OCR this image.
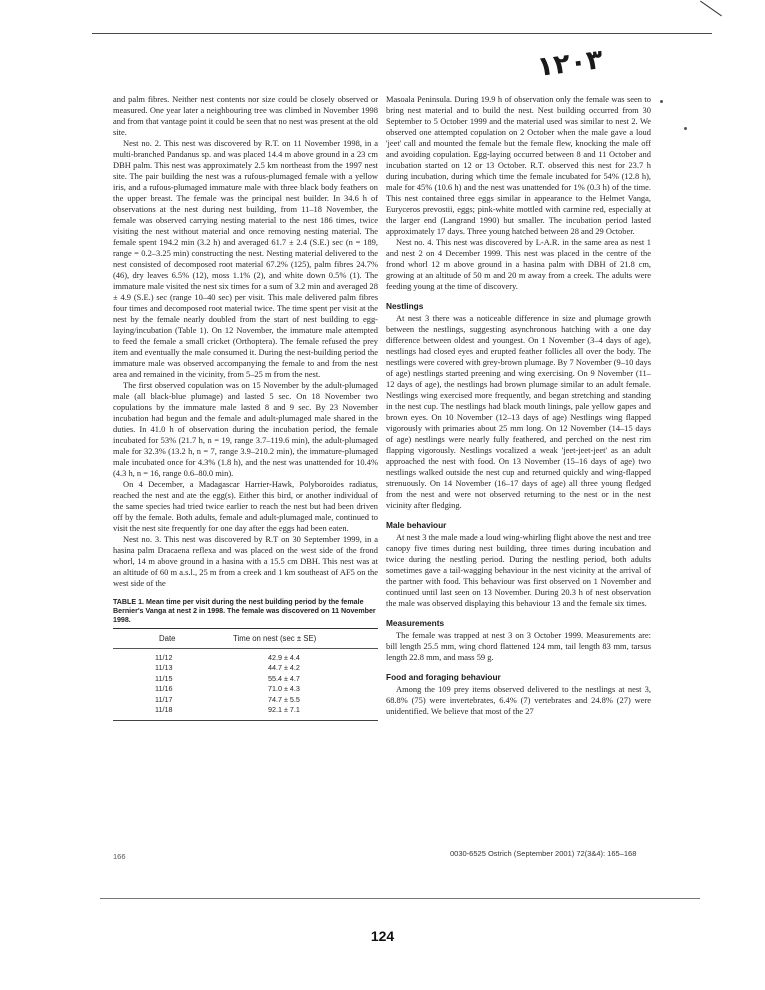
۱۲۰۳

and palm fibres. Neither nest contents nor size could be closely observed or measured. One year later a neighbouring tree was climbed in November 1998 and from that vantage point it could be seen that no nest was present at the old site.

Nest no. 2. This nest was discovered by R.T. on 11 November 1998, in a multi-branched Pandanus sp. and was placed 14.4 m above ground in a 23 cm DBH palm. This nest was approximately 2.5 km northeast from the 1997 nest site. The pair building the nest was a rufous-plumaged female with a yellow iris, and a rufous-plumaged immature male with three black body feathers on the upper breast. The female was the principal nest builder. In 34.6 h of observations at the nest during nest building, from 11–18 November, the female was observed carrying nesting material to the nest 186 times, twice visiting the nest without material and once removing nesting material. The female spent 194.2 min (3.2 h) and averaged 61.7 ± 2.4 (S.E.) sec (n = 189, range = 0.2–3.25 min) constructing the nest. Nesting material delivered to the nest consisted of decomposed root material 67.2% (125), palm fibres 24.7% (46), dry leaves 6.5% (12), moss 1.1% (2), and white down 0.5% (1). The immature male visited the nest six times for a sum of 3.2 min and averaged 28 ± 4.9 (S.E.) sec (range 10–40 sec) per visit. This male delivered palm fibres four times and decomposed root material twice. The time spent per visit at the nest by the female nearly doubled from the start of nest building to egg-laying/incubation (Table 1). On 12 November, the immature male attempted to feed the female a small cricket (Orthoptera). The female refused the prey item and eventually the male consumed it. During the nest-building period the immature male was observed accompanying the female to and from the nest area and remained in the vicinity, from 5–25 m from the nest.

The first observed copulation was on 15 November by the adult-plumaged male (all black-blue plumage) and lasted 5 sec. On 18 November two copulations by the immature male lasted 8 and 9 sec. By 23 November incubation had begun and the female and adult-plumaged male shared in the duties. In 41.0 h of observation during the incubation period, the female incubated for 53% (21.7 h, n = 19, range 3.7–119.6 min), the adult-plumaged male for 32.3% (13.2 h, n = 7, range 3.9–210.2 min), the immature-plumaged male incubated once for 4.3% (1.8 h), and the nest was unattended for 10.4% (4.3 h, n = 16, range 0.6–80.0 min).

On 4 December, a Madagascar Harrier-Hawk, Polyboroides radiatus, reached the nest and ate the egg(s). Either this bird, or another individual of the same species had tried twice earlier to reach the nest but had been driven off by the female. Both adults, female and adult-plumaged male, continued to visit the nest site frequently for one day after the eggs had been eaten.

Nest no. 3. This nest was discovered by R.T on 30 September 1999, in a hasina palm Dracaena reflexa and was placed on the west side of the frond whorl, 14 m above ground in a hasina with a 15.5 cm DBH. This nest was at an altitude of 60 m a.s.l., 25 m from a creek and 1 km southeast of AF5 on the west side of the

TABLE 1. Mean time per visit during the nest building period by the female Bernier's Vanga at nest 2 in 1998. The female was discovered on 11 November 1998.
Date	Time on nest (sec ± SE)
11/12	42.9 ± 4.4
11/13	44.7 ± 4.2
11/15	55.4 ± 4.7
11/16	71.0 ± 4.3
11/17	74.7 ± 5.5
11/18	92.1 ± 7.1

Masoala Peninsula. During 19.9 h of observation only the female was seen to bring nest material and to build the nest. Nest building occurred from 30 September to 5 October 1999 and the material used was similar to nest 2. We observed one attempted copulation on 2 October when the male gave a loud 'jeet' call and mounted the female but the female flew, knocking the male off and avoiding copulation. Egg-laying occurred between 8 and 11 October and incubation started on 12 or 13 October. R.T. observed this nest for 23.7 h during incubation, during which time the female incubated for 54% (12.8 h), male for 45% (10.6 h) and the nest was unattended for 1% (0.3 h) of the time. This nest contained three eggs similar in appearance to the Helmet Vanga, Euryceros prevostii, eggs; pink-white mottled with carmine red, especially at the larger end (Langrand 1990) but smaller. The incubation period lasted approximately 17 days. Three young hatched between 28 and 29 October.

Nest no. 4. This nest was discovered by L-A.R. in the same area as nest 1 and nest 2 on 4 December 1999. This nest was placed in the centre of the frond whorl 12 m above ground in a hasina palm with DBH of 21.8 cm, growing at an altitude of 50 m and 20 m away from a creek. The adults were feeding young at the time of discovery.

Nestlings

At nest 3 there was a noticeable difference in size and plumage growth between the nestlings, suggesting asynchronous hatching with a one day difference between oldest and youngest. On 1 November (3–4 days of age), nestlings had closed eyes and erupted feather follicles all over the body. The nestlings were covered with grey-brown plumage. By 7 November (9–10 days of age) nestlings started preening and wing exercising. On 9 November (11–12 days of age), the nestlings had brown plumage similar to an adult female. Nestlings wing exercised more frequently, and began stretching and standing in the nest cup. The nestlings had black mouth linings, pale yellow gapes and brown eyes. On 10 November (12–13 days of age) Nestlings wing flapped vigorously with primaries about 25 mm long. On 12 November (14–15 days of age) nestlings were nearly fully feathered, and perched on the nest rim flapping vigorously. Nestlings vocalized a weak 'jeet-jeet-jeet' as an adult approached the nest with food. On 13 November (15–16 days of age) two nestlings walked outside the nest cup and returned quickly and wing-flapped strenuously. On 14 November (16–17 days of age) all three young fledged from the nest and were not observed returning to the nest or in the nest vicinity after fledging.

Male behaviour

At nest 3 the male made a loud wing-whirling flight above the nest and tree canopy five times during nest building, three times during incubation and twice during the nestling period. During the nestling period, both adults sometimes gave a tail-wagging behaviour in the nest vicinity at the arrival of the partner with food. This behaviour was first observed on 1 November and continued until last seen on 13 November. During 20.3 h of nest observation the male was observed displaying this behaviour 13 and the female six times.

Measurements

The female was trapped at nest 3 on 3 October 1999. Measurements are: bill length 25.5 mm, wing chord flattened 124 mm, tail length 83 mm, tarsus length 22.8 mm, and mass 59 g.

Food and foraging behaviour

Among the 109 prey items observed delivered to the nestlings at nest 3, 68.8% (75) were invertebrates, 6.4% (7) vertebrates and 24.8% (27) were unidentified. We believe that most of the 27

166	0030-6525 Ostrich (September 2001) 72(3&4): 165–168
124
